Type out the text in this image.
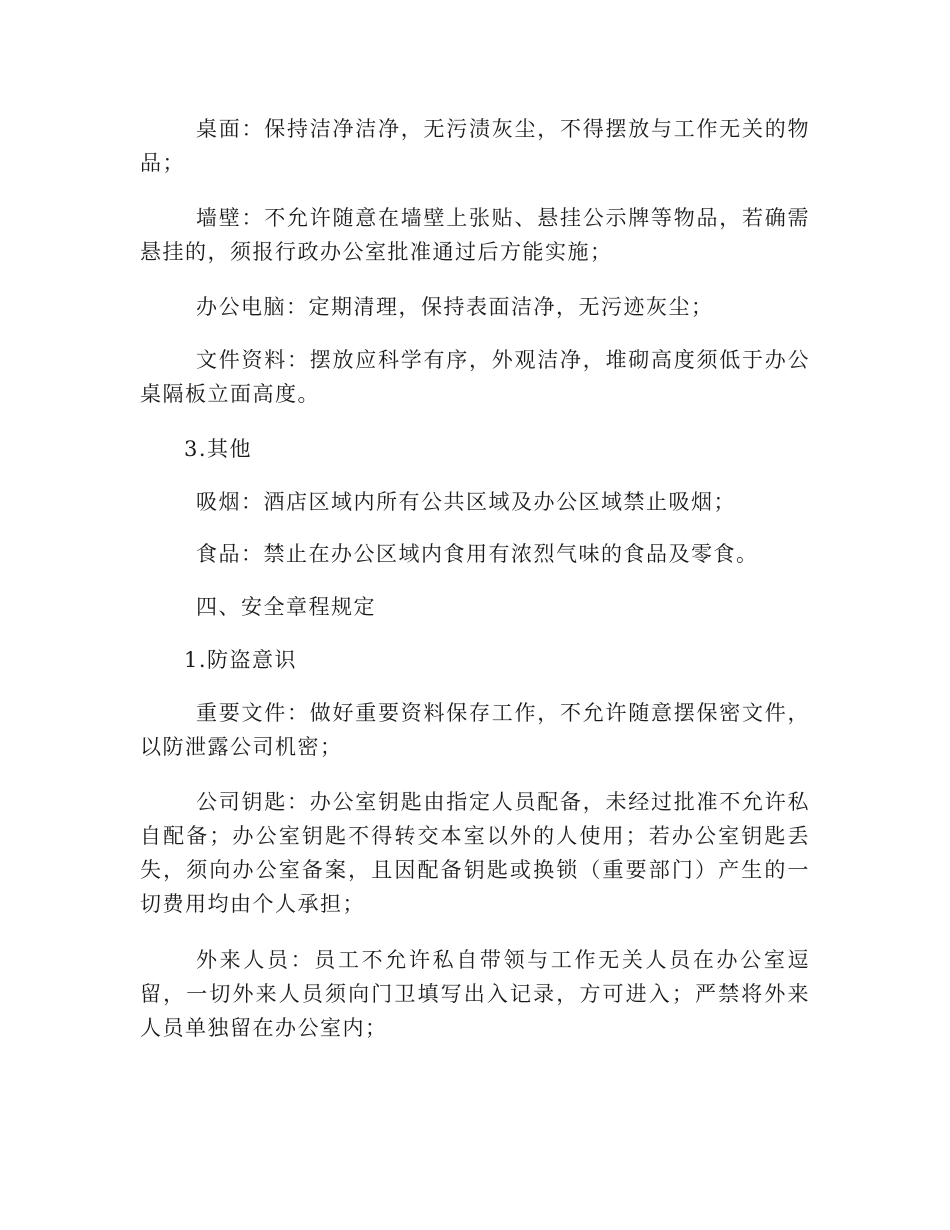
桌面：保持洁净洁净，无污渍灰尘，不得摆放与工作无关的物品；

墙壁：不允许随意在墙壁上张贴、悬挂公示牌等物品，若确需悬挂的，须报行政办公室批准通过后方能实施；

办公电脑：定期清理，保持表面洁净，无污迹灰尘；

文件资料：摆放应科学有序，外观洁净，堆砌高度须低于办公桌隔板立面高度。

3.其他

吸烟：酒店区域内所有公共区域及办公区域禁止吸烟；

食品：禁止在办公区域内食用有浓烈气味的食品及零食。

四、安全章程规定

1.防盗意识

重要文件：做好重要资料保存工作，不允许随意摆保密文件，以防泄露公司机密；

公司钥匙：办公室钥匙由指定人员配备，未经过批准不允许私自配备；办公室钥匙不得转交本室以外的人使用；若办公室钥匙丢失，须向办公室备案，且因配备钥匙或换锁（重要部门）产生的一切费用均由个人承担；

外来人员：员工不允许私自带领与工作无关人员在办公室逗留，一切外来人员须向门卫填写出入记录，方可进入；严禁将外来人员单独留在办公室内；
